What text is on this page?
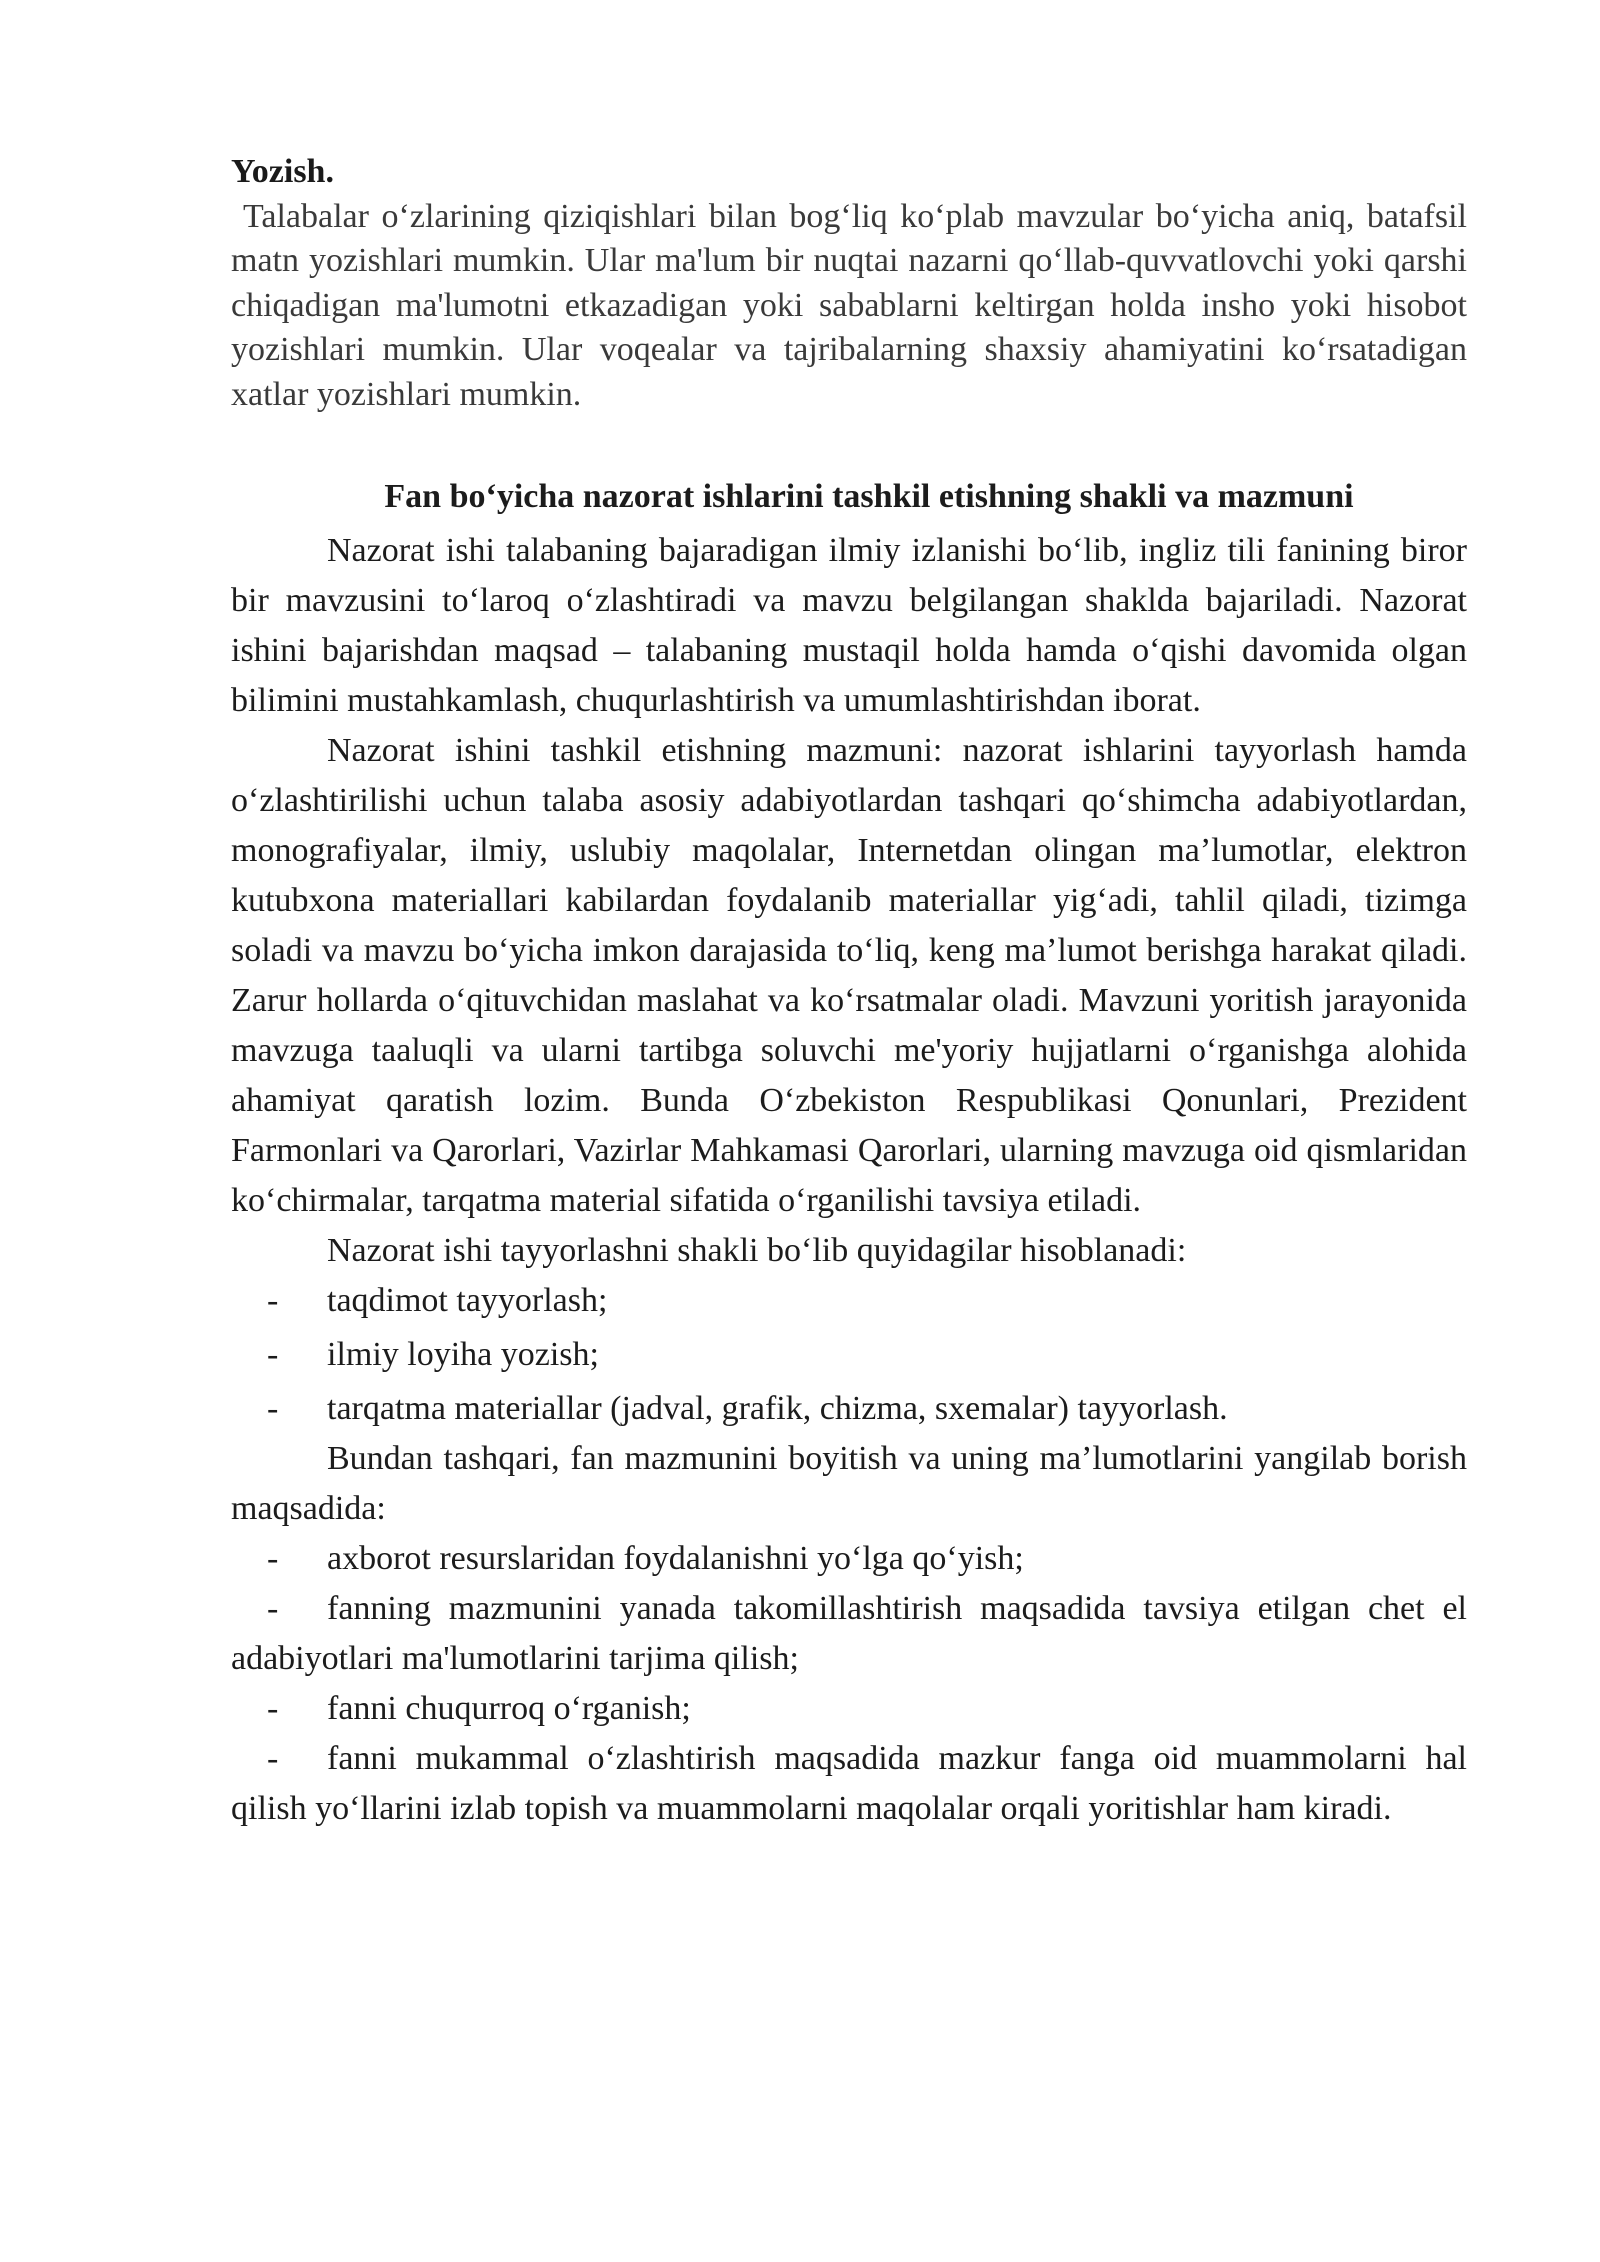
Yozish.

Talabalar o‘zlarining qiziqishlari bilan bog‘liq ko‘plab mavzular bo‘yicha aniq, batafsil matn yozishlari mumkin. Ular ma'lum bir nuqtai nazarni qo‘llab-quvvatlovchi yoki qarshi chiqadigan ma'lumotni etkazadigan yoki sabablarni keltirgan holda insho yoki hisobot yozishlari mumkin. Ular voqealar va tajribalarning shaxsiy ahamiyatini ko‘rsatadigan xatlar yozishlari mumkin.

Fan bo‘yicha nazorat ishlarini tashkil etishning shakli va mazmuni

Nazorat ishi talabaning bajaradigan ilmiy izlanishi bo‘lib, ingliz tili fanining biror bir mavzusini to‘laroq o‘zlashtiradi va mavzu belgilangan shaklda bajariladi. Nazorat ishini bajarishdan maqsad – talabaning mustaqil holda hamda o‘qishi davomida olgan bilimini mustahkamlash, chuqurlashtirish va umumlashtirishdan iborat.

Nazorat ishini tashkil etishning mazmuni: nazorat ishlarini tayyorlash hamda o‘zlashtirilishi uchun talaba asosiy adabiyotlardan tashqari qo‘shimcha adabiyotlardan, monografiyalar, ilmiy, uslubiy maqolalar, Internetdan olingan ma’lumotlar, elektron kutubxona materiallari kabilardan foydalanib materiallar yig‘adi, tahlil qiladi, tizimga soladi va mavzu bo‘yicha imkon darajasida to‘liq, keng ma’lumot berishga harakat qiladi. Zarur hollarda o‘qituvchidan maslahat va ko‘rsatmalar oladi. Mavzuni yoritish jarayonida mavzuga taaluqli va ularni tartibga soluvchi me'yoriy hujjatlarni o‘rganishga alohida ahamiyat qaratish lozim. Bunda O‘zbekiston Respublikasi Qonunlari, Prezident Farmonlari va Qarorlari, Vazirlar Mahkamasi Qarorlari, ularning mavzuga oid qismlaridan ko‘chirmalar, tarqatma material sifatida o‘rganilishi tavsiya etiladi.

Nazorat ishi tayyorlashni shakli bo‘lib quyidagilar hisoblanadi:

- taqdimot tayyorlash;
- ilmiy loyiha yozish;
- tarqatma materiallar (jadval, grafik, chizma, sxemalar) tayyorlash.

Bundan tashqari, fan mazmunini boyitish va uning ma’lumotlarini yangilab borish maqsadida:

- axborot resurslaridan foydalanishni yo‘lga qo‘yish;

- fanning mazmunini yanada takomillashtirish maqsadida tavsiya etilgan chet el adabiyotlari ma'lumotlarini tarjima qilish;

- fanni chuqurroq o‘rganish;

- fanni mukammal o‘zlashtirish maqsadida mazkur fanga oid muammolarni hal qilish yo‘llarini izlab topish va muammolarni maqolalar orqali yoritishlar ham kiradi.
